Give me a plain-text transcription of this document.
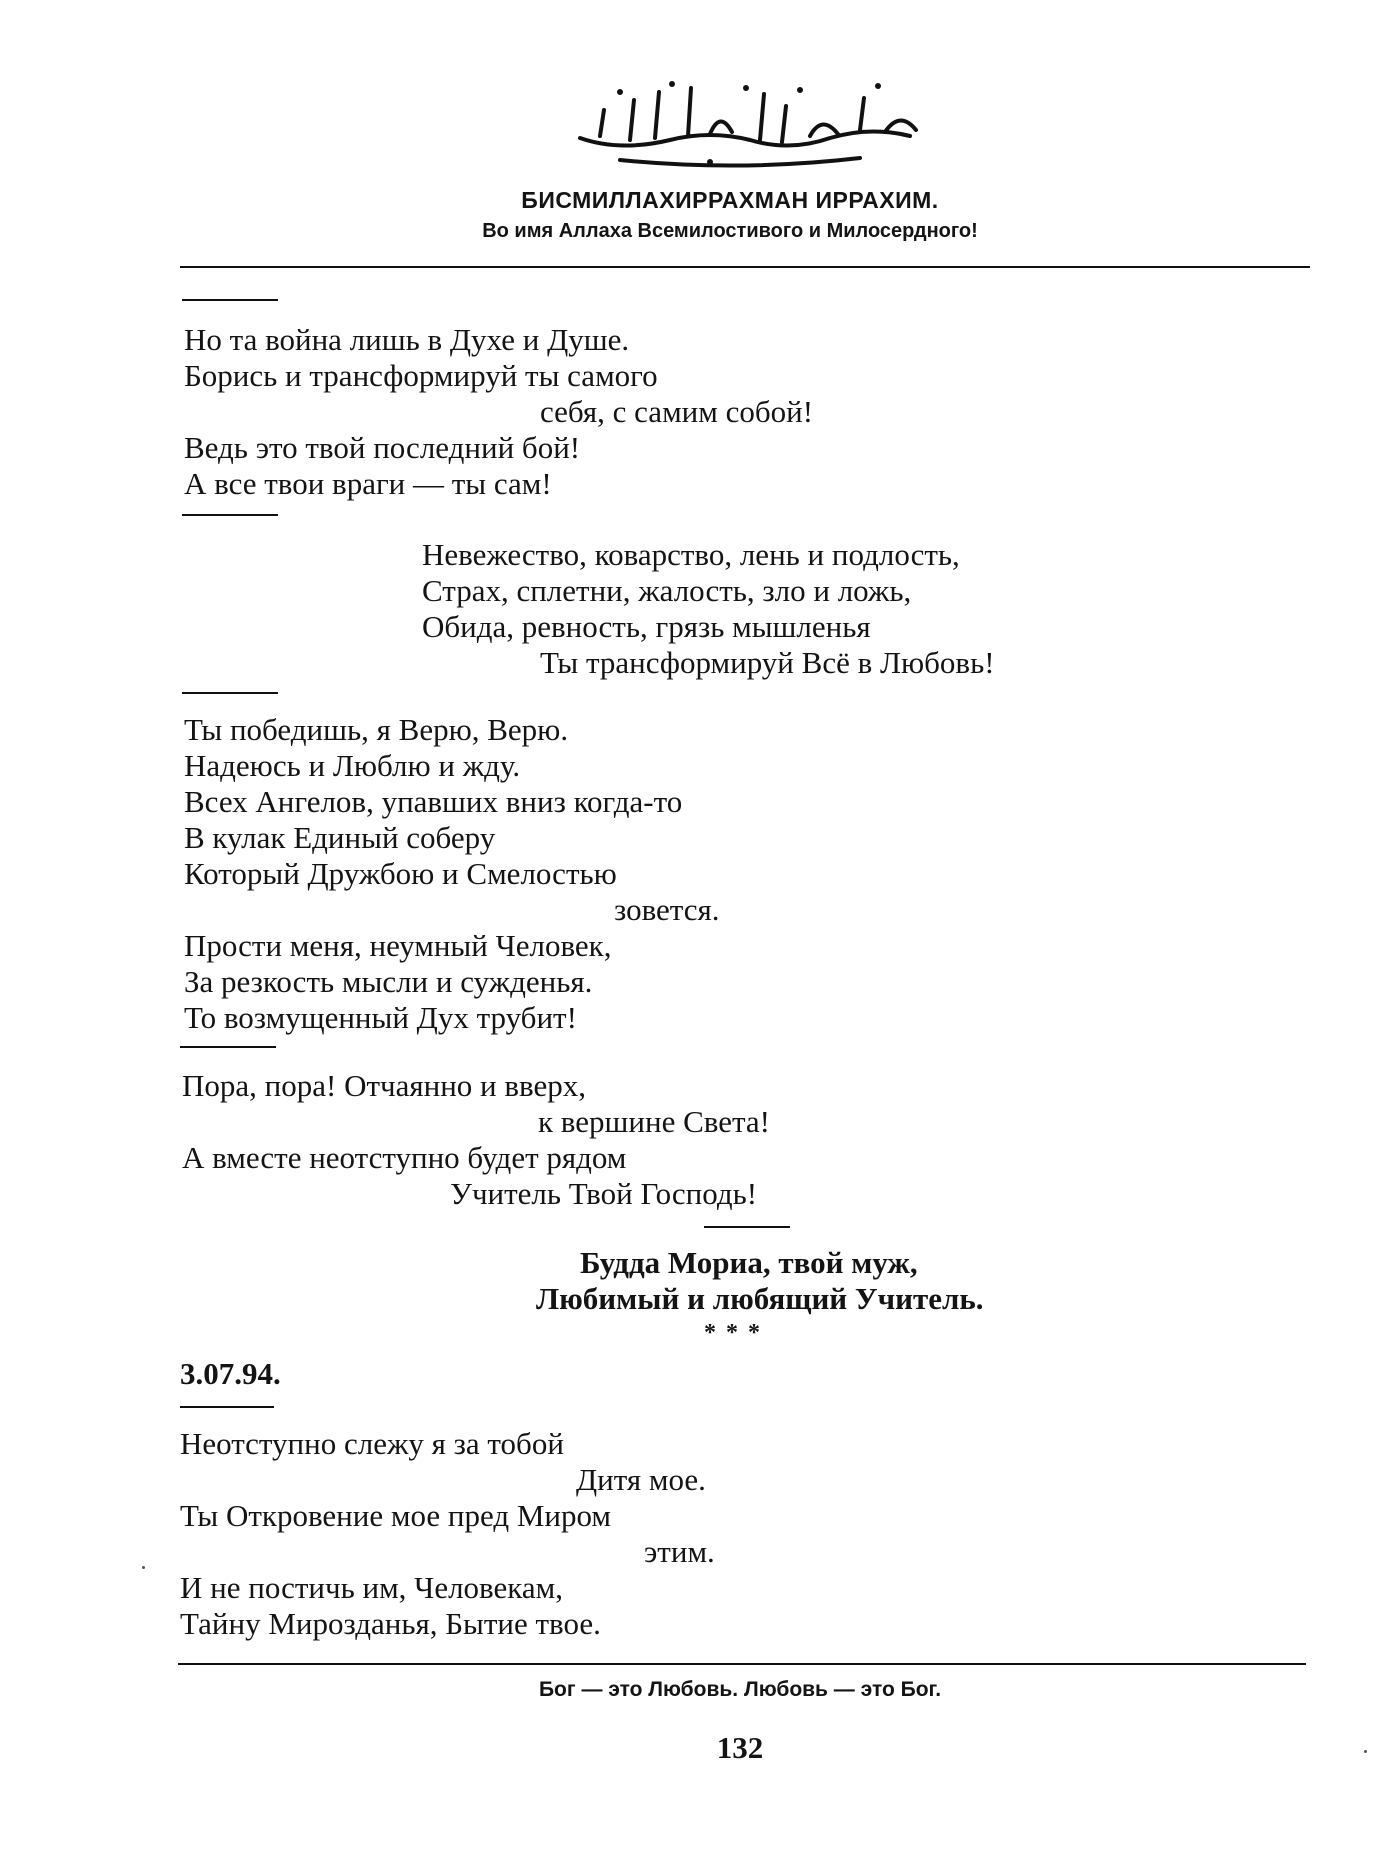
БИСМИЛЛАХИРРАХМАН ИРРАХИМ.
Во имя Аллаха Всемилостивого и Милосердного!
Но та война лишь в Духе и Душе.
Борись и трансформируй ты самого
себя, с самим собой!
Ведь это твой последний бой!
А все твои враги — ты сам!
Невежество, коварство, лень и подлость,
Страх, сплетни, жалость, зло и ложь,
Обида, ревность, грязь мышленья
Ты трансформируй Всё в Любовь!
Ты победишь, я Верю, Верю.
Надеюсь и Люблю и жду.
Всех Ангелов, упавших вниз когда-то
В кулак Единый соберу
Который Дружбою и Смелостью
зовется.
Прости меня, неумный Человек,
За резкость мысли и сужденья.
То возмущенный Дух трубит!
Пора, пора! Отчаянно и вверх,
к вершине Света!
А вместе неотступно будет рядом
Учитель Твой Господь!
Будда Мориа, твой муж,
Любимый и любящий Учитель.
* * *
3.07.94.
Неотступно слежу я за тобой
Дитя мое.
Ты Откровение мое пред Миром
этим.
И не постичь им, Человекам,
Тайну Мирозданья, Бытие твое.
Бог — это Любовь. Любовь — это Бог.
132
